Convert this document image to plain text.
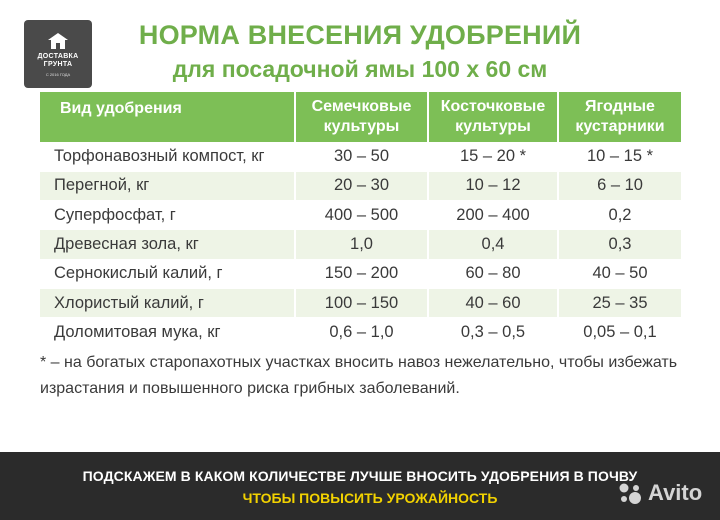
ДОСТАВКА
ГРУНТА
С 2016 ГОДА
НОРМА ВНЕСЕНИЯ УДОБРЕНИЙ
для посадочной ямы 100 х 60 см
Вид удобрения	Семечковые культуры	Косточковые культуры	Ягодные кустарники
Торфонавозный компост, кг	30 – 50	15 – 20 *	10 – 15 *
Перегной, кг	20 – 30	10 – 12	6 – 10
Суперфосфат, г	400 – 500	200 – 400	0,2
Древесная зола, кг	1,0	0,4	0,3
Сернокислый калий, г	150 – 200	60 – 80	40 – 50
Хлористый калий, г	100 – 150	40 – 60	25 – 35
Доломитовая мука, кг	0,6 – 1,0	0,3 – 0,5	0,05 – 0,1
* – на богатых старопахотных участках вносить навоз нежелательно, чтобы избежать
израстания и повышенного риска грибных заболеваний.
ПОДСКАЖЕМ В КАКОМ КОЛИЧЕСТВЕ ЛУЧШЕ ВНОСИТЬ УДОБРЕНИЯ В ПОЧВУ
ЧТОБЫ ПОВЫСИТЬ УРОЖАЙНОСТЬ	Avito
